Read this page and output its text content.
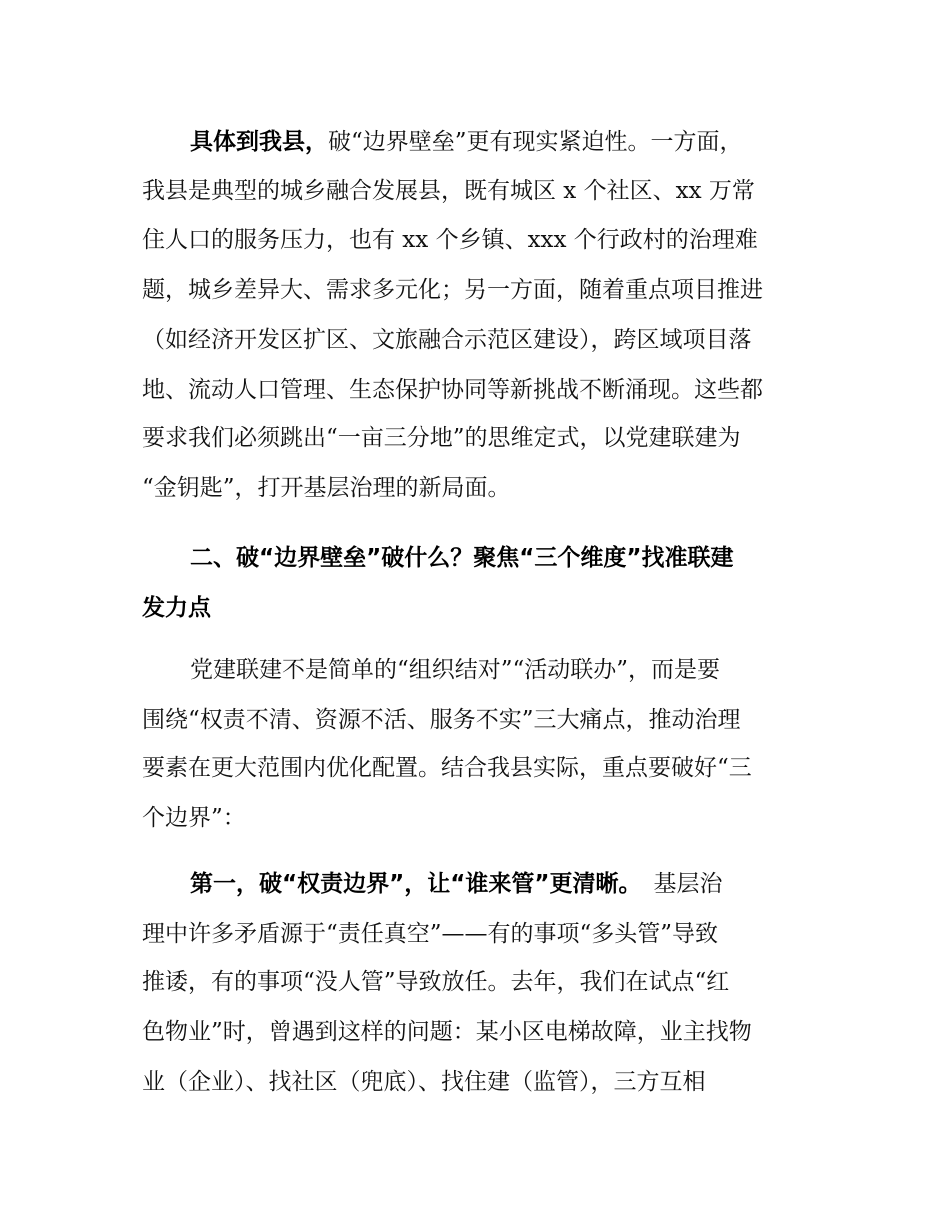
具体到我县，破“边界壁垒”更有现实紧迫性。一方面，
我县是典型的城乡融合发展县，既有城区 x 个社区、xx 万常
住人口的服务压力，也有 xx 个乡镇、xxx 个行政村的治理难
题，城乡差异大、需求多元化；另一方面，随着重点项目推进
（如经济开发区扩区、文旅融合示范区建设），跨区域项目落
地、流动人口管理、生态保护协同等新挑战不断涌现。这些都
要求我们必须跳出“一亩三分地”的思维定式，以党建联建为
“金钥匙”，打开基层治理的新局面。
二、破“边界壁垒”破什么？聚焦“三个维度”找准联建
发力点
党建联建不是简单的“组织结对”“活动联办”，而是要
围绕“权责不清、资源不活、服务不实”三大痛点，推动治理
要素在更大范围内优化配置。结合我县实际，重点要破好“三
个边界”：
第一，破“权责边界”，让“谁来管”更清晰。 基层治
理中许多矛盾源于“责任真空”——有的事项“多头管”导致
推诿，有的事项“没人管”导致放任。去年，我们在试点“红
色物业”时，曾遇到这样的问题：某小区电梯故障，业主找物
业（企业）、找社区（兜底）、找住建（监管），三方互相
